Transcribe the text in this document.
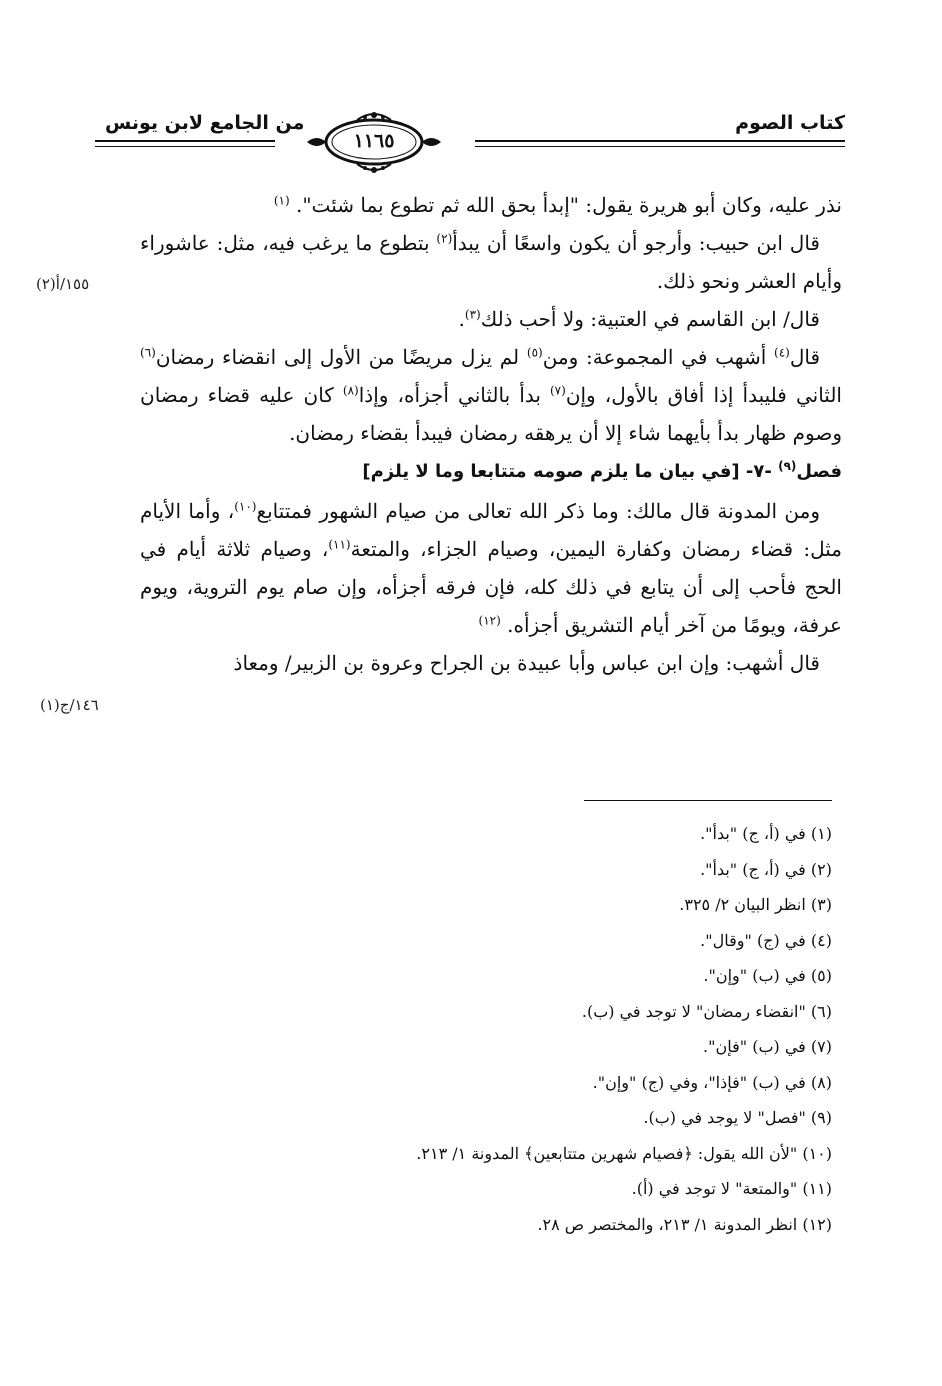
كتاب الصوم
من الجامع لابن يونس
١١٦٥
١٥٥/أ(٢)
١٤٦/ج(١)

نذر عليه، وكان أبو هريرة يقول: "إبدأ بحق الله ثم تطوع بما شئت". $^{(١)}$

قال ابن حبيب: وأرجو أن يكون واسعًا أن يبدأ$^{(٢)}$ بتطوع ما يرغب فيه، مثل: عاشوراء وأيام العشر ونحو ذلك.

قال/ ابن القاسم في العتبية: ولا أحب ذلك$^{(٣)}$.

قال$^{(٤)}$ أشهب في المجموعة: ومن$^{(٥)}$ لم يزل مريضًا من الأول إلى انقضاء رمضان$^{(٦)}$ الثاني فليبدأ إذا أفاق بالأول، وإن$^{(٧)}$ بدأ بالثاني أجزأه، وإذا$^{(٨)}$ كان عليه قضاء رمضان وصوم ظهار بدأ بأيهما شاء إلا أن يرهقه رمضان فيبدأ بقضاء رمضان.

فصل$^{(٩)}$ -٧- [في بيان ما يلزم صومه متتابعا وما لا يلزم]

ومن المدونة قال مالك: وما ذكر الله تعالى من صيام الشهور فمتتابع$^{(١٠)}$، وأما الأيام مثل: قضاء رمضان وكفارة اليمين، وصيام الجزاء، والمتعة$^{(١١)}$، وصيام ثلاثة أيام في الحج فأحب إلى أن يتابع في ذلك كله، فإن فرقه أجزأه، وإن صام يوم التروية، ويوم عرفة، ويومًا من آخر أيام التشريق أجزأه. $^{(١٢)}$

قال أشهب: وإن ابن عباس وأبا عبيدة بن الجراح وعروة بن الزبير/ ومعاذ

(١) في (أ، ج) "بدأ".
(٢) في (أ، ج) "بدأ".
(٣) انظر البيان ٢/ ٣٢٥.
(٤) في (ج) "وقال".
(٥) في (ب) "وإن".
(٦) "انقضاء رمضان" لا توجد في (ب).
(٧) في (ب) "فإن".
(٨) في (ب) "فإذا"، وفي (ج) "وإن".
(٩) "فصل" لا يوجد في (ب).
(١٠) "لأن الله يقول: ﴿فصيام شهرين متتابعين﴾ المدونة ١/ ٢١٣.
(١١) "والمتعة" لا توجد في (أ).
(١٢) انظر المدونة ١/ ٢١٣، والمختصر ص ٢٨.
